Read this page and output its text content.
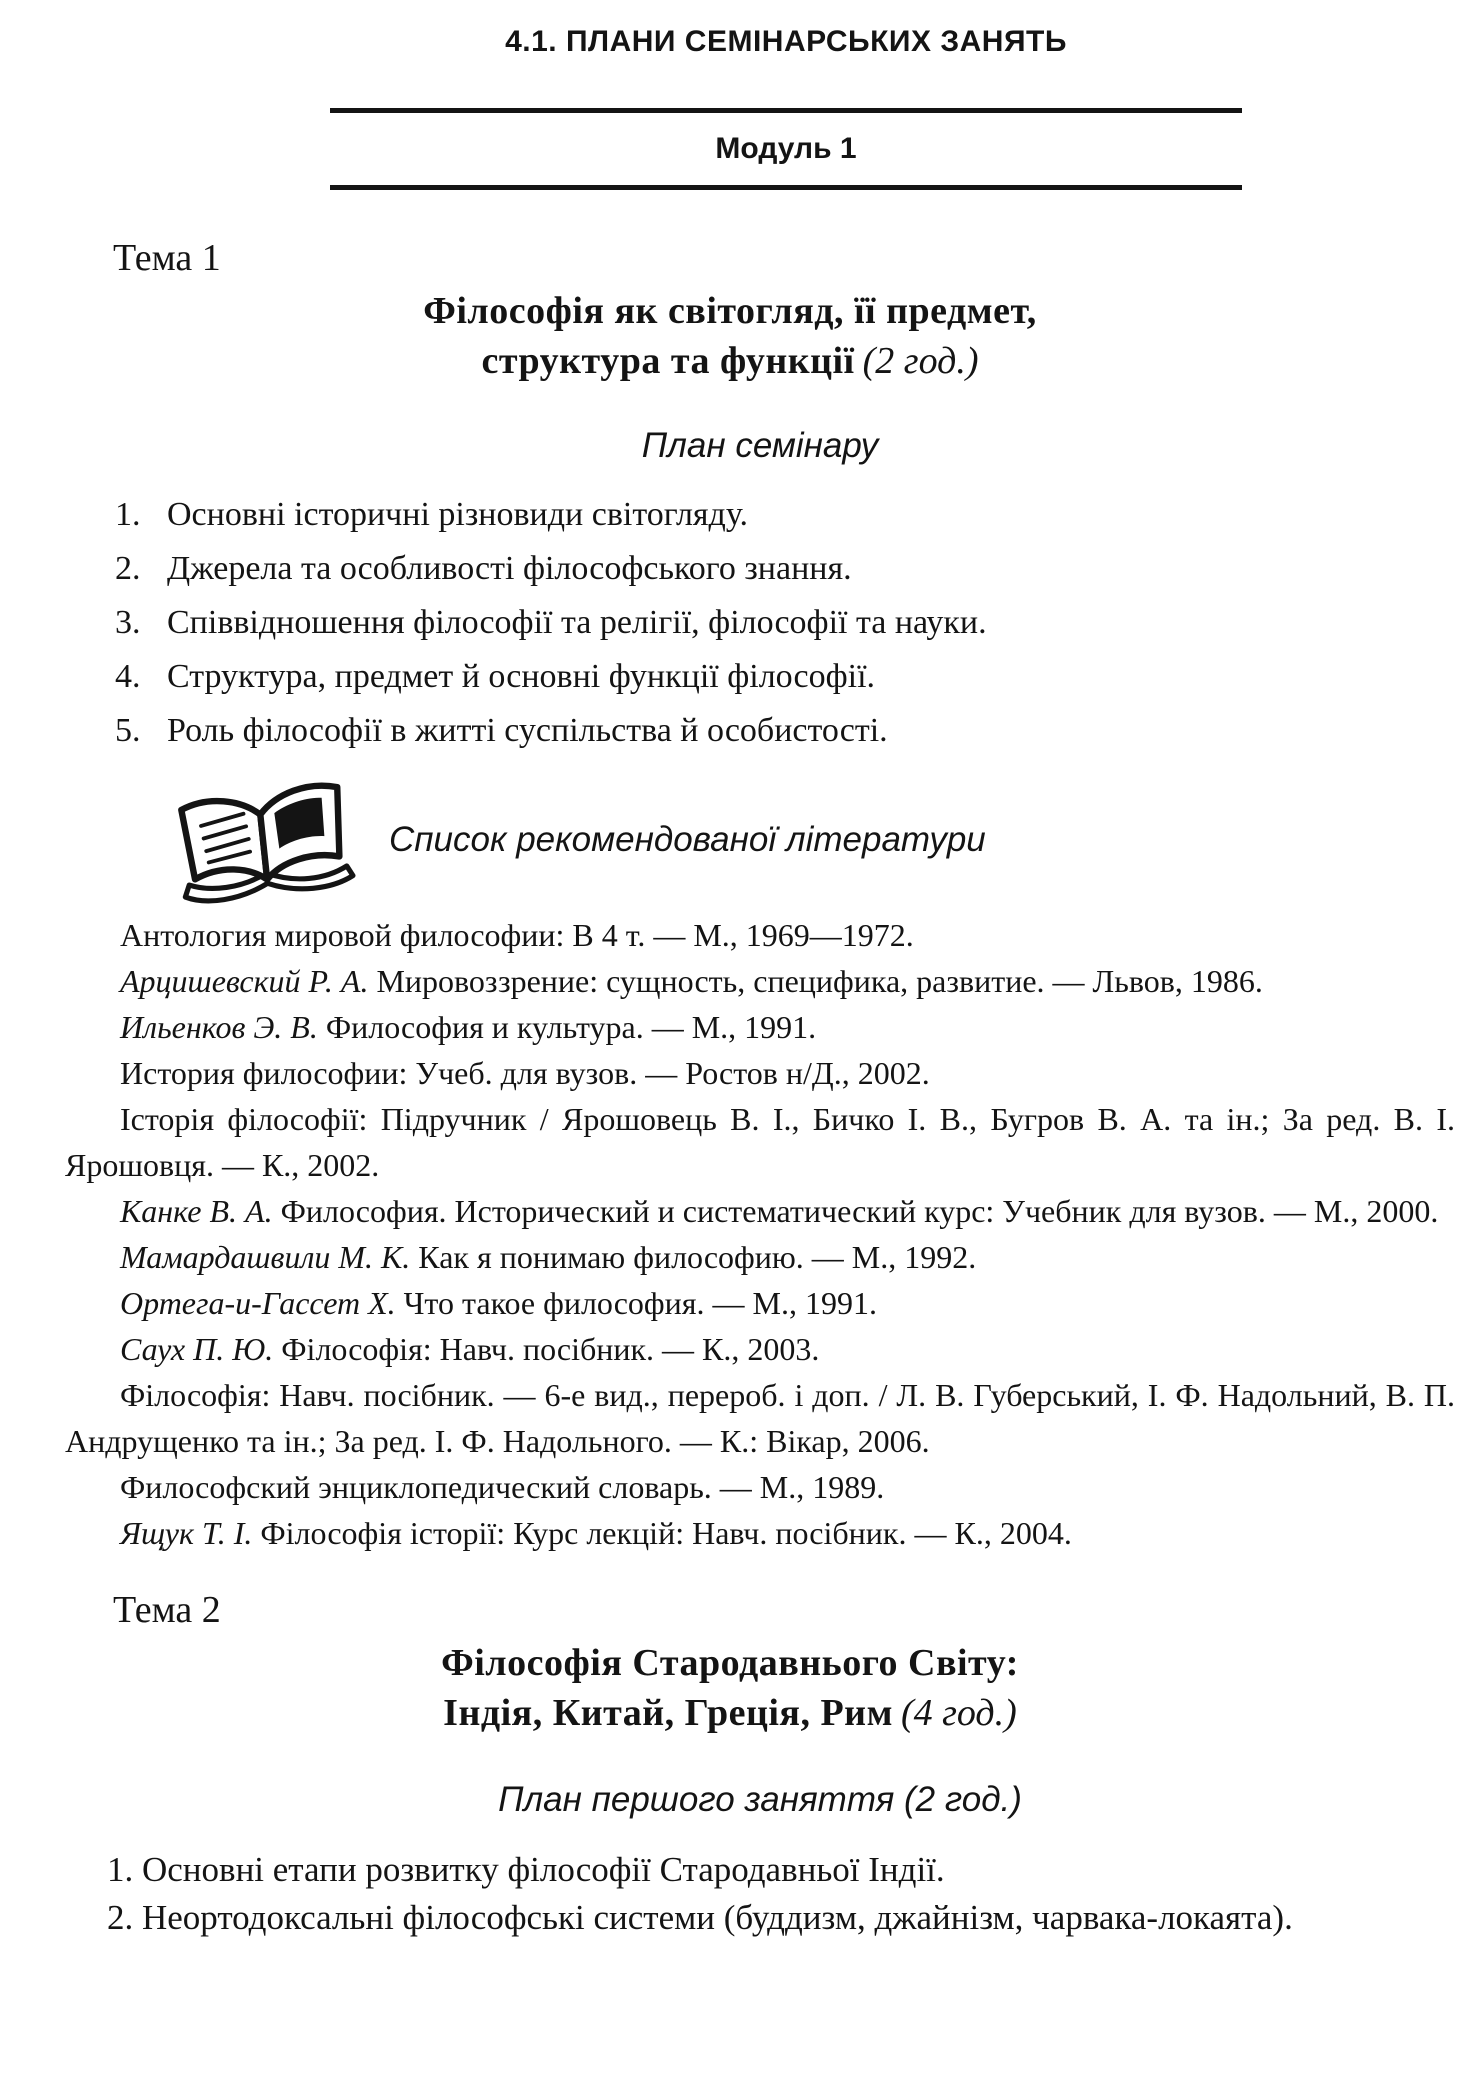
4.1. ПЛАНИ СЕМІНАРСЬКИХ ЗАНЯТЬ
Модуль 1
Тема 1
Філософія як світогляд, її предмет,
структура та функції (2 год.)
План семінару
1. Основні історичні різновиди світогляду.
2. Джерела та особливості філософського знання.
3. Співвідношення філософії та релігії, філософії та науки.
4. Структура, предмет й основні функції філософії.
5. Роль філософії в житті суспільства й особистості.
Список рекомендованої літератури

Антология мировой философии: В 4 т. — М., 1969—1972.

Арцишевский Р. А. Мировоззрение: сущность, специфика, развитие. — Львов, 1986.

Ильенков Э. В. Философия и культура. — М., 1991.

История философии: Учеб. для вузов. — Ростов н/Д., 2002.

Історія філософії: Підручник / Ярошовець В. І., Бичко І. В., Бугров В. А. та ін.; За ред. В. І. Ярошовця. — К., 2002.

Канке В. А. Философия. Исторический и систематический курс: Учебник для вузов. — М., 2000.

Мамардашвили М. К. Как я понимаю философию. — М., 1992.

Ортега-и-Гассет Х. Что такое философия. — М., 1991.

Саух П. Ю. Філософія: Навч. посібник. — К., 2003.

Філософія: Навч. посібник. — 6-е вид., перероб. і доп. / Л. В. Губерський, І. Ф. Надольний, В. П. Андрущенко та ін.; За ред. І. Ф. Надольного. — К.: Вікар, 2006.

Философский энциклопедический словарь. — М., 1989.

Ящук Т. І. Філософія історії: Курс лекцій: Навч. посібник. — К., 2004.

Тема 2
Філософія Стародавнього Світу:
Індія, Китай, Греція, Рим (4 год.)
План першого заняття (2 год.)

1. Основні етапи розвитку філософії Стародавньої Індії.

2. Неортодоксальні філософські системи (буддизм, джайнізм, чарвака-локаята).
